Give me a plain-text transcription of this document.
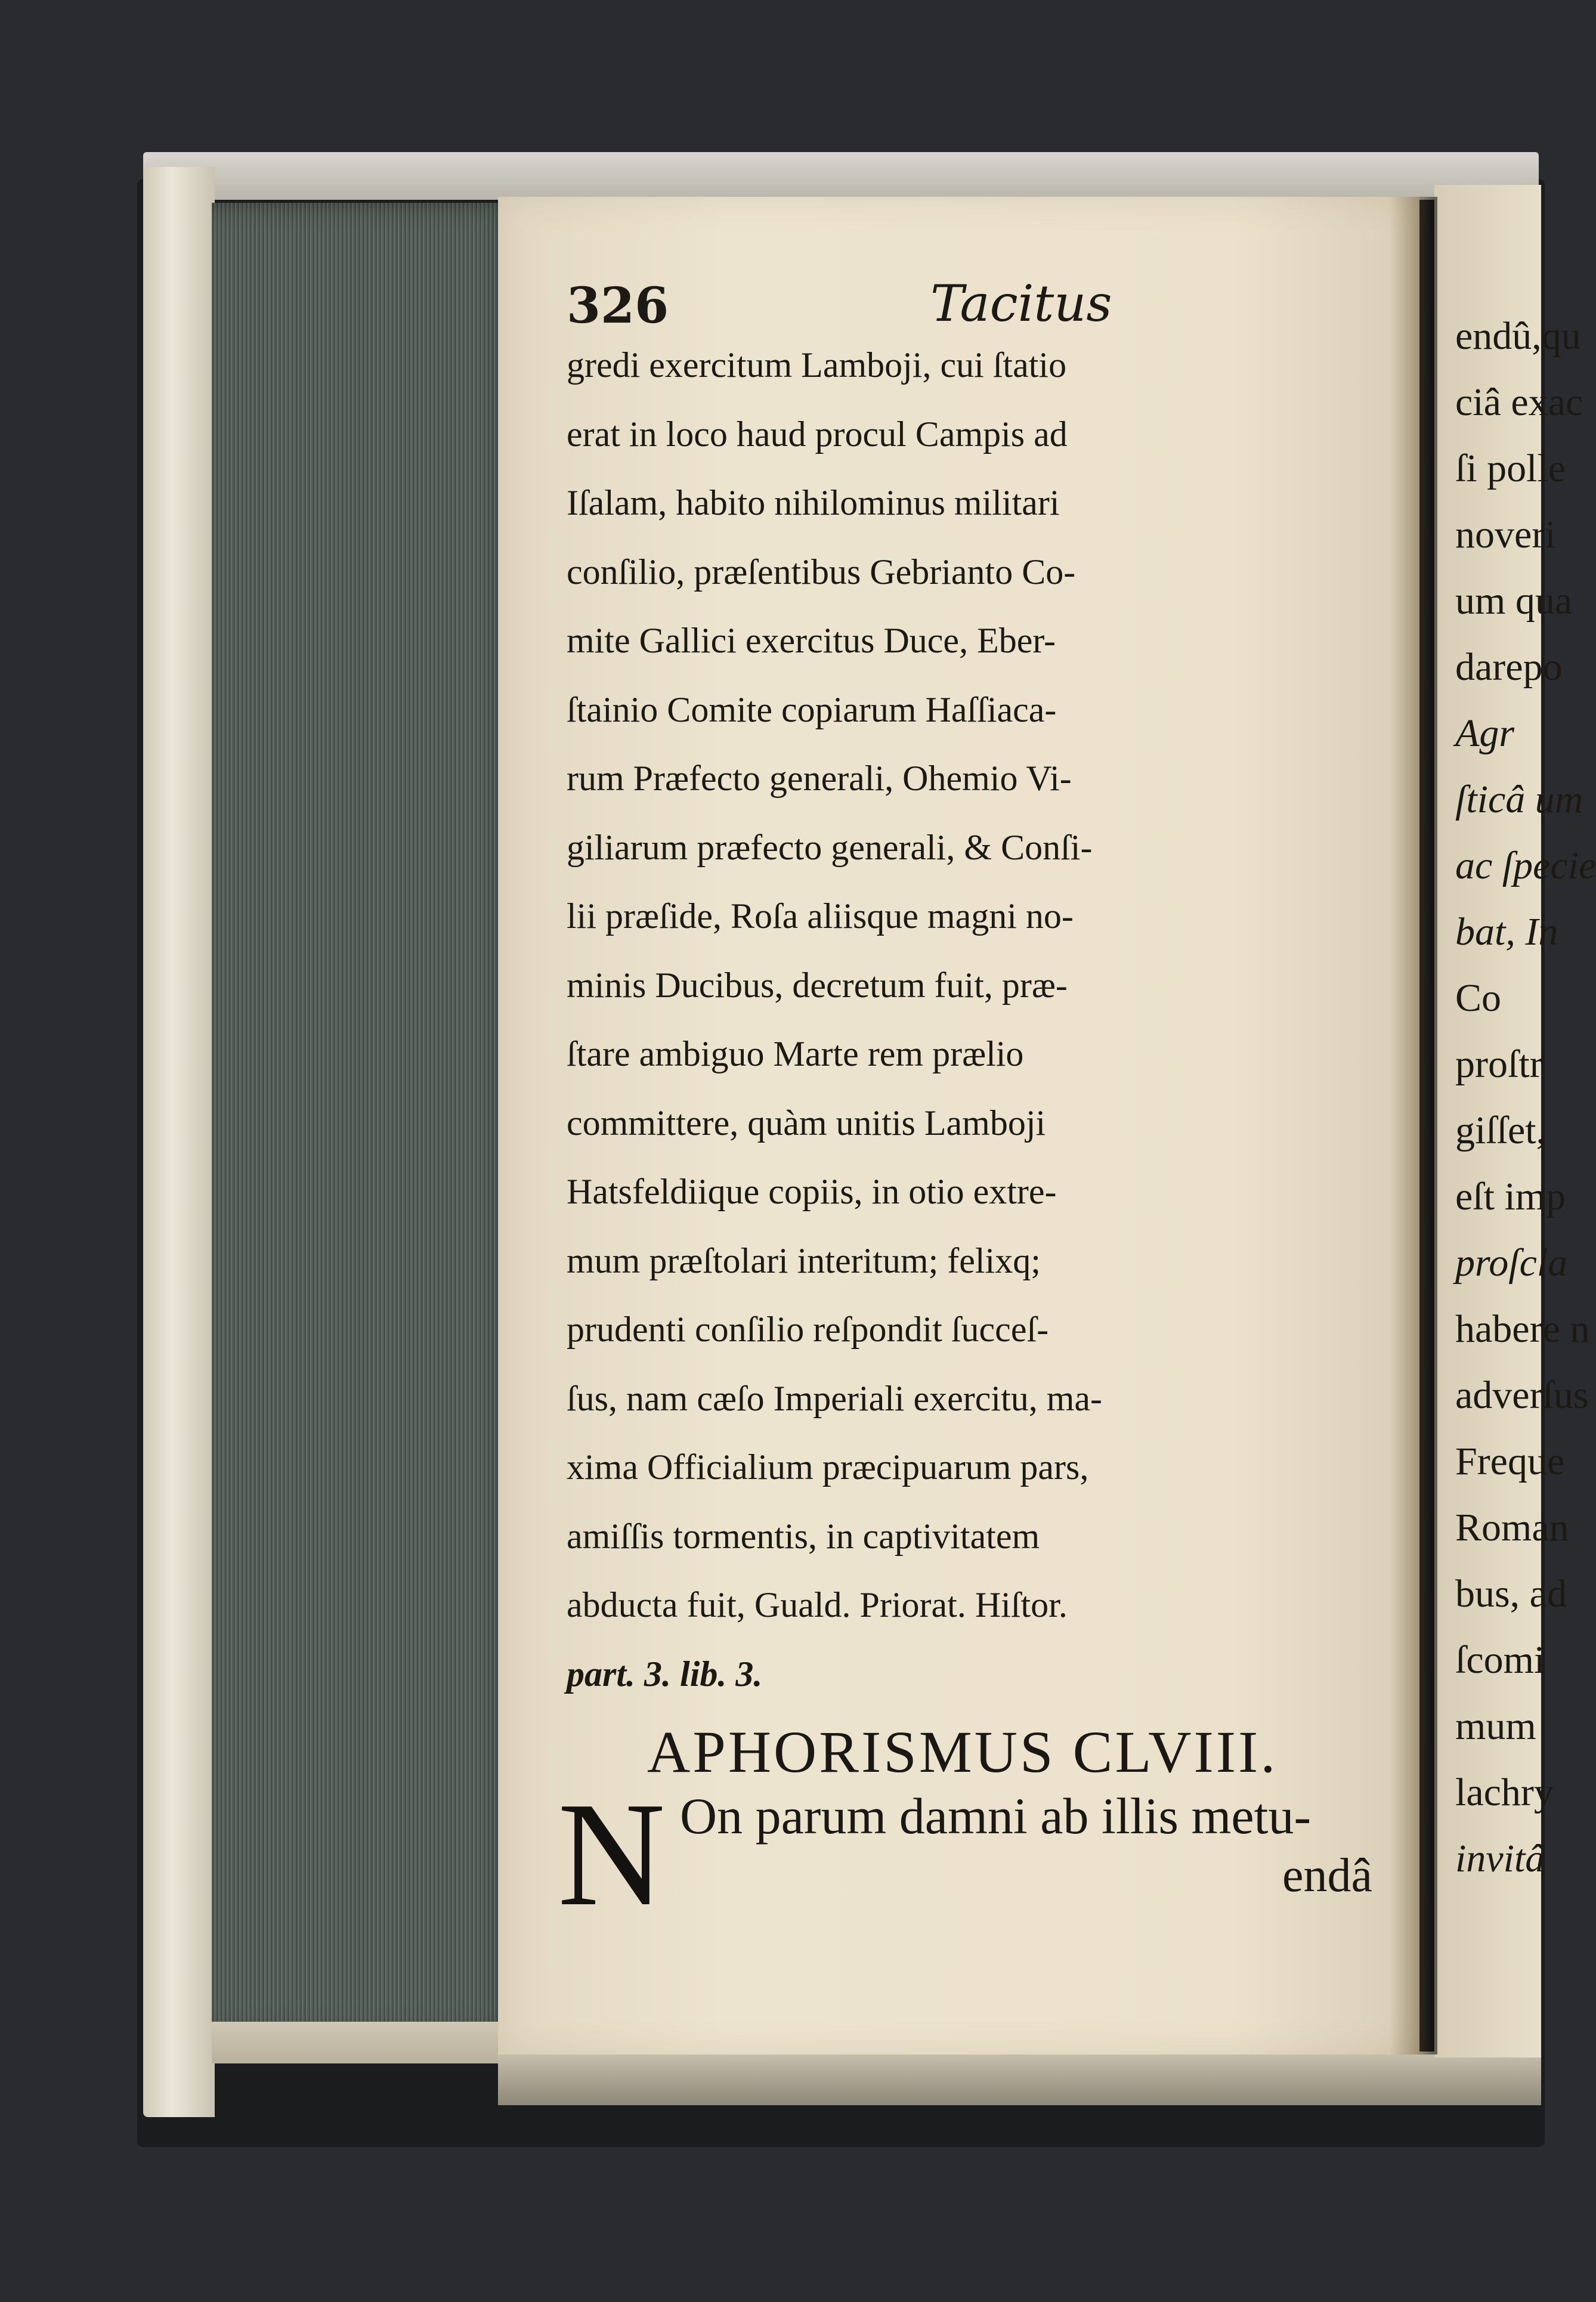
326	Tacitus
gredi exercitum Lamboji, cui ſtatio
erat in loco haud procul Campis ad
Iſalam, habito nihilominus militari
conſilio, præſentibus Gebrianto Co-
mite Gallici exercitus Duce, Eber-
ſtainio Comite copiarum Haſſiaca-
rum Præfecto generali, Ohemio Vi-
giliarum præfecto generali, & Conſi-
lii præſide, Roſa aliisque magni no-
minis Ducibus, decretum fuit, præ-
ſtare ambiguo Marte rem prælio
committere, quàm unitis Lamboji
Hatsfeldiique copiis, in otio extre-
mum præſtolari interitum; felixq;
prudenti conſilio reſpondit ſucceſ-
ſus, nam cæſo Imperiali exercitu, ma-
xima Officialium præcipuarum pars,
amiſſis tormentis, in captivitatem
abducta fuit, Guald. Priorat. Hiſtor.
part. 3. lib. 3.
APHORISMUS CLVIII.
N On parum damni ab illis metu-
endâ
endû,qu
ciâ exac
ſi polle
noveri
um qua
darepo
Agr
ſticâ um
ac ſpecie
bat, In
Co
proſtr
giſſet,
eſt imp
proſcla
habere n
adverſus
Freque
Roman
bus, ad
ſcomi
mum
lachry
invitâ
